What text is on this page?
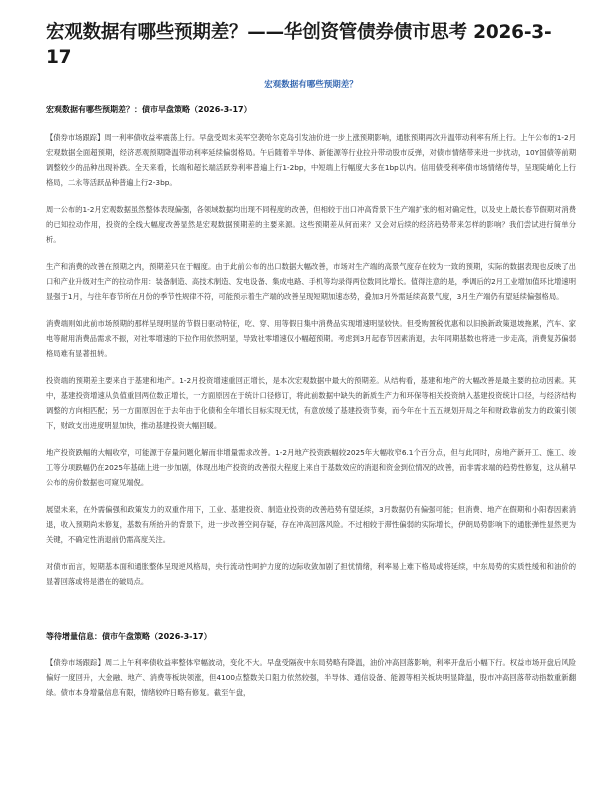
宏观数据有哪些预期差？——华创资管债券债市思考 2026-3-17
宏观数据有哪些预期差？
宏观数据有哪些预期差？：债市早盘策略（2026-3-17）

【债券市场跟踪】周一利率债收益率震荡上行。早盘受周末美军空袭哈尔克岛引发油价进一步上涨预期影响，通胀预期再次升温带动利率有所上行。上午公布的1-2月宏观数据全面超预期，经济恶观预期降温带动利率延续偏弱格局。午后随着半导体、新能源等行业拉升带动股市反弹，对债市情绪带来进一步扰动，10Y国债等前期调整较少的品种出现补跌。全天来看，长端和超长端活跃券利率普遍上行1-2bp，中短端上行幅度大多在1bp以内。信用债受利率债市场情绪传导，呈现陡峭化上行格局，二永等活跃品种普遍上行2-3bp。

周一公布的1-2月宏观数据虽然整体表现偏强，各领域数据均出现不同程度的改善，但相较于出口冲高背景下生产端扩张的相对确定性，以及史上最长春节假期对消费的已知拉动作用，投资的全线大幅度改善显然是宏观数据预期差的主要来源。这些预期差从何而来？又会对后续的经济趋势带来怎样的影响？我们尝试进行简单分析。

生产和消费的改善在预期之内，预期差只在于幅度。由于此前公布的出口数据大幅改善，市场对生产端的高景气度存在较为一致的预期，实际的数据表现也反映了出口和产业升级对生产的拉动作用：装备制造、高技术制造、发电设备、集成电路、手机等均录得两位数同比增长。值得注意的是，季调后的2月工业增加值环比增速明显强于1月，与往年春节所在月份的季节性规律不符，可能预示着生产端的改善呈现短期加速态势，叠加3月外需延续高景气度，3月生产端仍有望延续偏强格局。

消费端则如此前市场预期的那样呈现明显的节假日驱动特征，吃、穿、用等假日集中消费品实现增速明显较快。但受购置税优惠和以旧换新政策退坡拖累，汽车、家电等耐用消费品需求不振，对社零增速的下拉作用依然明显，导致社零增速仅小幅超预期。考虑到3月起春节因素消退，去年同期基数也将进一步走高，消费复苏偏弱格局难有显著扭转。

投资端的预期差主要来自于基建和地产。1-2月投资增速重回正增长，是本次宏观数据中最大的预期差。从结构看，基建和地产的大幅改善是最主要的拉动因素。其中，基建投资增速从负值重回两位数正增长，一方面原因在于统计口径修订，将此前数据中缺失的新质生产力和环保等相关投资纳入基建投资统计口径，与经济结构调整的方向相匹配；另一方面原因在于去年由于化债和全年增长目标实现无忧，有意放缓了基建投资节奏，而今年在十五五规划开局之年和财政靠前发力的政策引领下，财政支出进度明显加快，推动基建投资大幅回暖。

地产投资跌幅的大幅收窄，可能源于存量问题化解而非增量需求改善。1-2月地产投资跌幅较2025年大幅收窄6.1个百分点，但与此同时，房地产新开工、施工、竣工等分项跌幅仍在2025年基础上进一步加剧，体现出地产投资的改善很大程度上来自于基数效应的消退和资金到位情况的改善，而非需求端的趋势性修复，这从稍早公布的房价数据也可窥见端倪。

展望未来，在外需偏强和政策发力的双重作用下，工业、基建投资、制造业投资的改善趋势有望延续，3月数据仍有偏强可能；但消费、地产在假期和小阳春因素消退，收入预期尚未修复，基数有所抬升的背景下，进一步改善空间存疑，存在冲高回落风险。不过相较于滞性偏弱的实际增长，伊朗局势影响下的通胀弹性显然更为关键，不确定性消退前仍需高度关注。

对债市而言，短期基本面和通胀整体呈现逆风格局，央行流动性呵护力度的边际收敛加剧了担忧情绪，利率易上难下格局或将延续，中东局势的实质性缓和和油价的显著回落或将是潜在的破局点。

等待增量信息：债市午盘策略（2026-3-17）

【债券市场跟踪】周二上午利率债收益率整体窄幅波动，变化不大。早盘受隔夜中东局势略有降温，油价冲高回落影响，利率开盘后小幅下行。权益市场开盘后风险偏好一度回升，大金融、地产、消费等板块领涨，但4100点整数关口阻力依然较强，半导体、通信设备、能源等相关板块明显降温，股市冲高回落带动指数重新翻绿。债市本身增量信息有限，情绪较昨日略有修复。截至午盘，
